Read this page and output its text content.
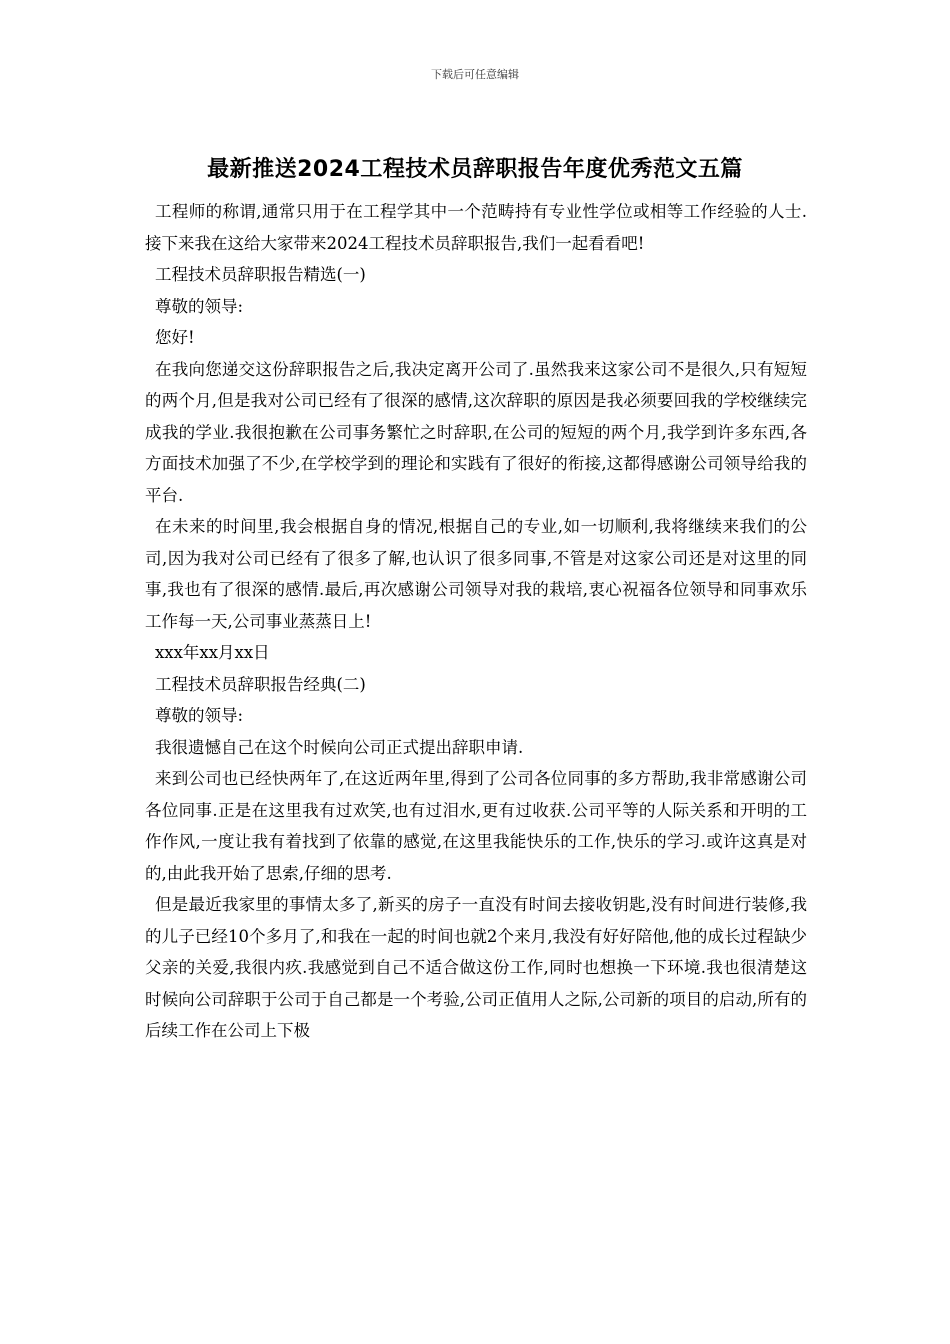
下载后可任意编辑
最新推送2024工程技术员辞职报告年度优秀范文五篇

工程师的称谓,通常只用于在工程学其中一个范畴持有专业性学位或相等工作经验的人士.接下来我在这给大家带来2024工程技术员辞职报告,我们一起看看吧!

工程技术员辞职报告精选(一)

尊敬的领导:

您好!

在我向您递交这份辞职报告之后,我决定离开公司了.虽然我来这家公司不是很久,只有短短的两个月,但是我对公司已经有了很深的感情,这次辞职的原因是我必须要回我的学校继续完成我的学业.我很抱歉在公司事务繁忙之时辞职,在公司的短短的两个月,我学到许多东西,各方面技术加强了不少,在学校学到的理论和实践有了很好的衔接,这都得感谢公司领导给我的平台.

在未来的时间里,我会根据自身的情况,根据自己的专业,如一切顺利,我将继续来我们的公司,因为我对公司已经有了很多了解,也认识了很多同事,不管是对这家公司还是对这里的同事,我也有了很深的感情.最后,再次感谢公司领导对我的栽培,衷心祝福各位领导和同事欢乐工作每一天,公司事业蒸蒸日上!

xxx年xx月xx日

工程技术员辞职报告经典(二)

尊敬的领导:

我很遗憾自己在这个时候向公司正式提出辞职申请.

来到公司也已经快两年了,在这近两年里,得到了公司各位同事的多方帮助,我非常感谢公司各位同事.正是在这里我有过欢笑,也有过泪水,更有过收获.公司平等的人际关系和开明的工作作风,一度让我有着找到了依靠的感觉,在这里我能快乐的工作,快乐的学习.或许这真是对的,由此我开始了思索,仔细的思考.

但是最近我家里的事情太多了,新买的房子一直没有时间去接收钥匙,没有时间进行装修,我的儿子已经10个多月了,和我在一起的时间也就2个来月,我没有好好陪他,他的成长过程缺少父亲的关爱,我很内疚.我感觉到自己不适合做这份工作,同时也想换一下环境.我也很清楚这时候向公司辞职于公司于自己都是一个考验,公司正值用人之际,公司新的项目的启动,所有的后续工作在公司上下极
